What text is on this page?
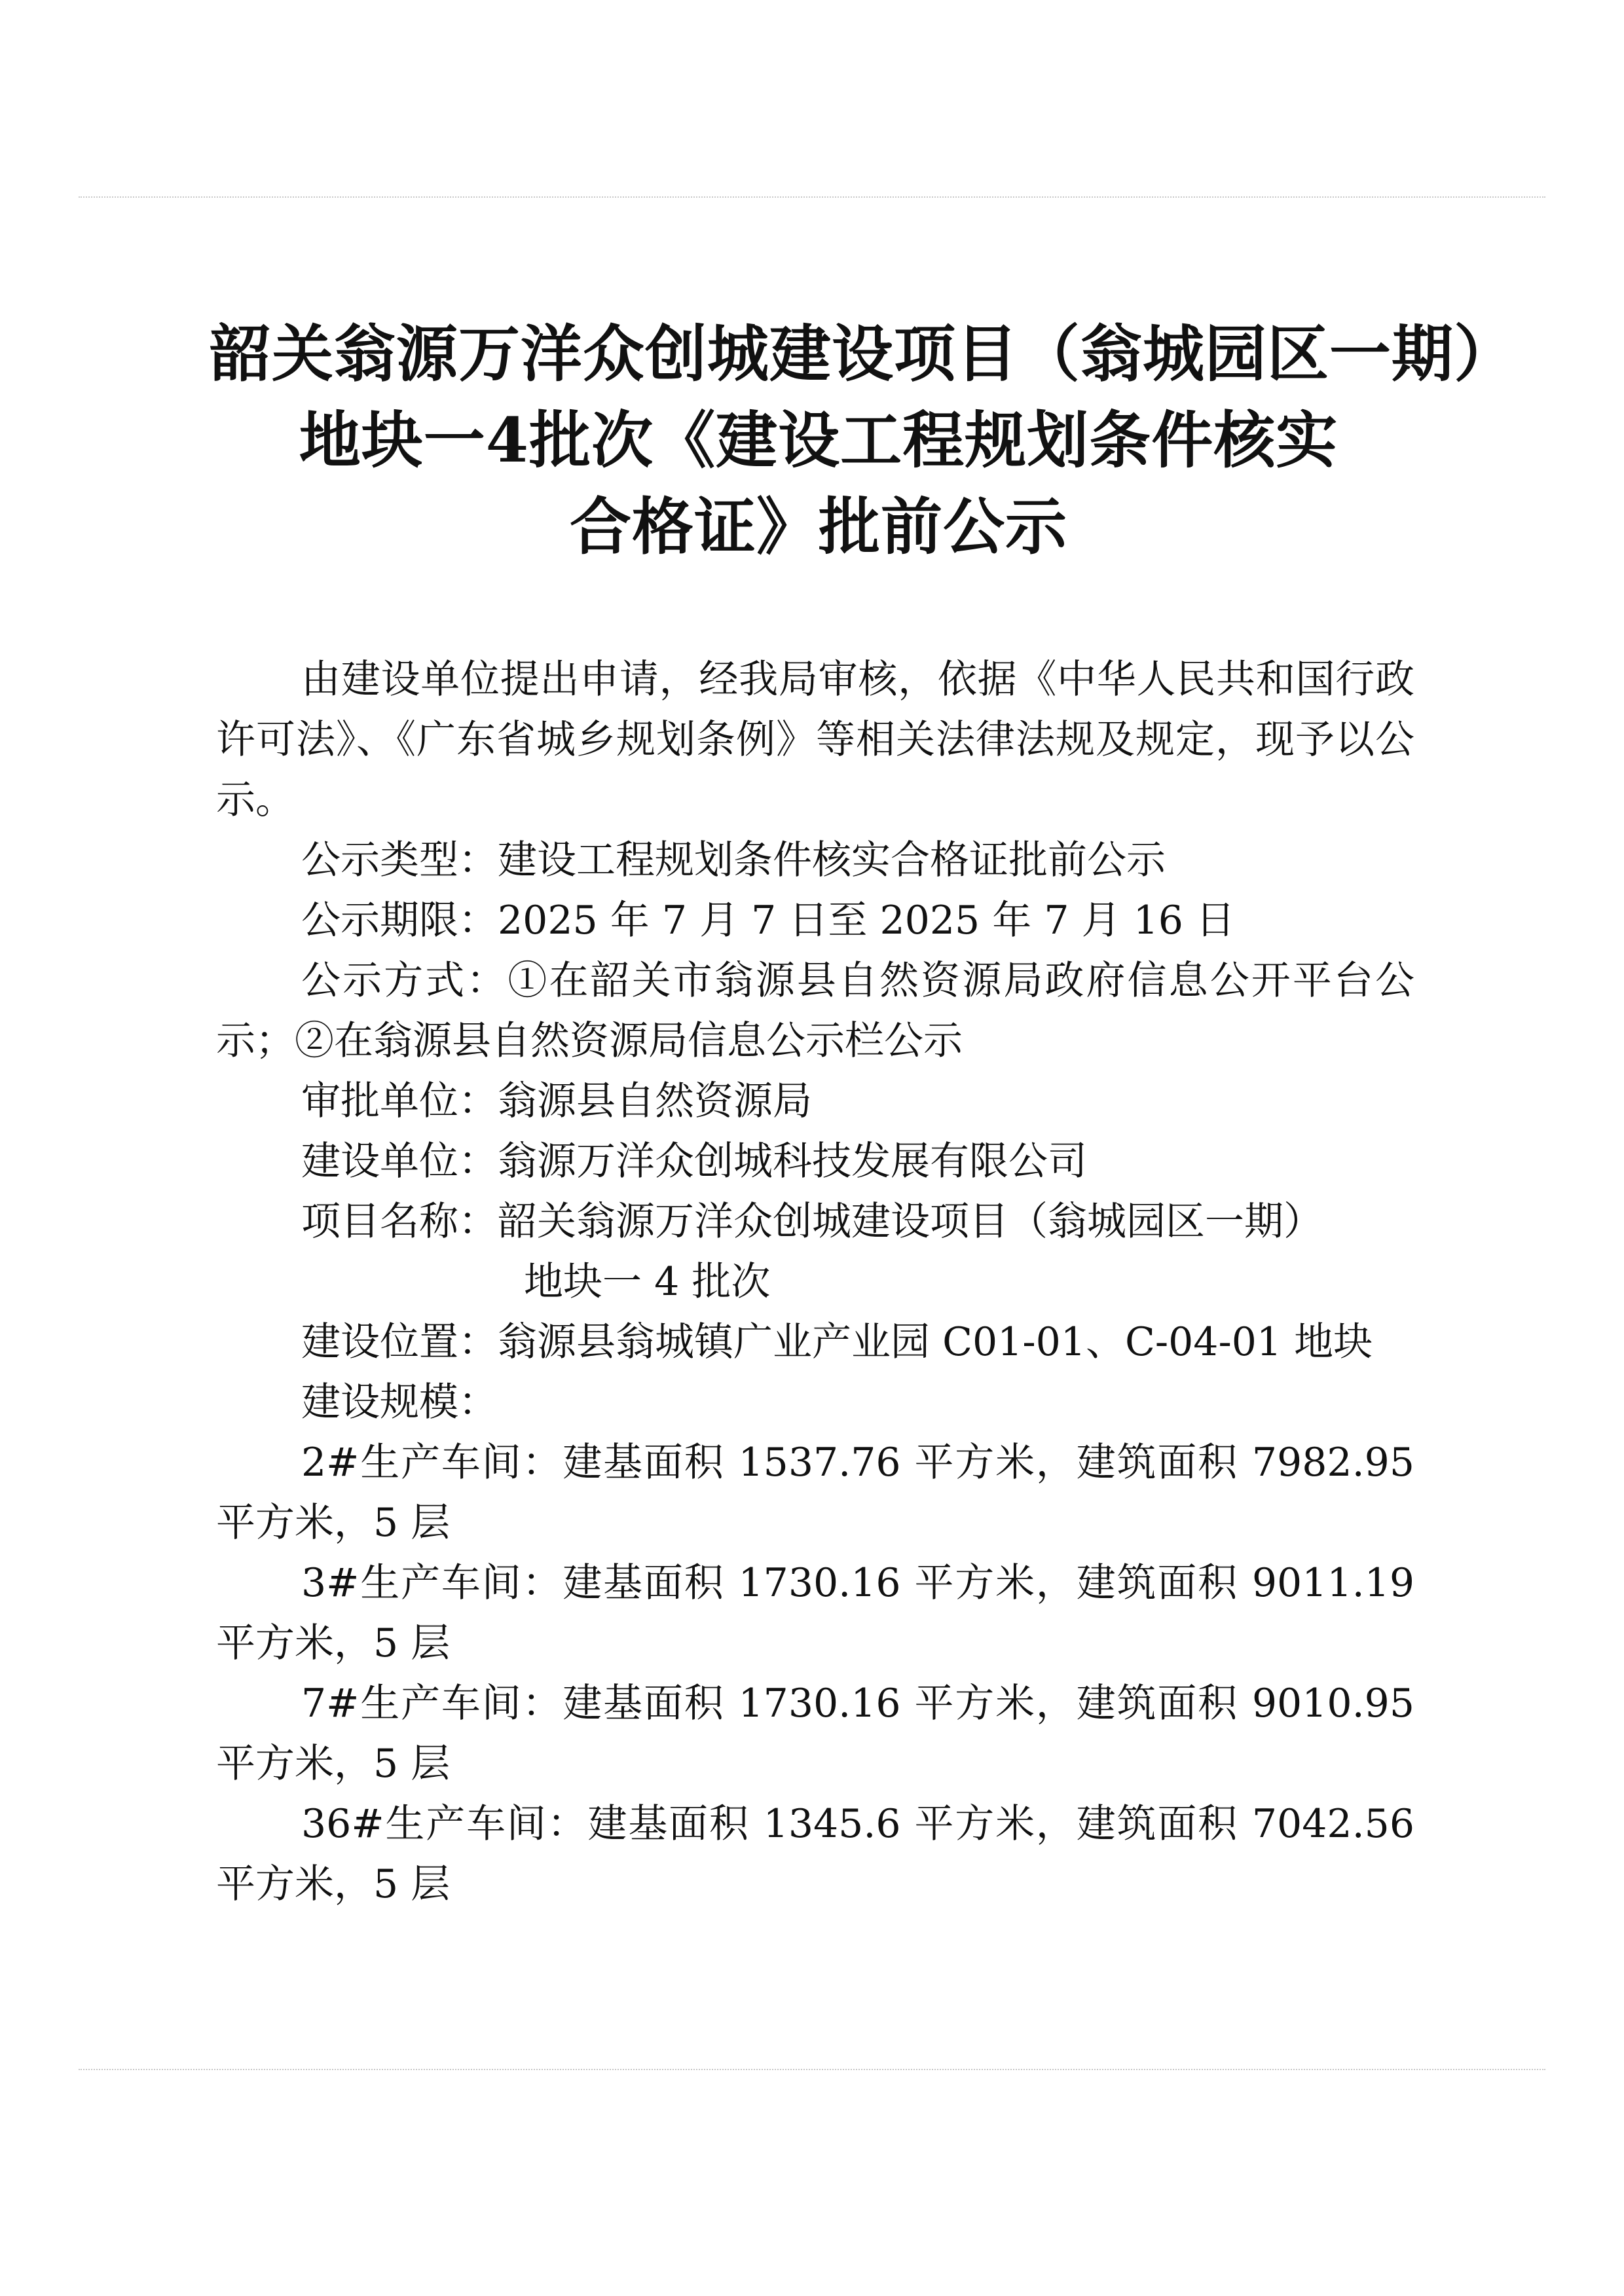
韶关翁源万洋众创城建设项目（翁城园区一期）
地块一4批次《建设工程规划条件核实
合格证》批前公示

由建设单位提出申请，经我局审核，依据《中华人民共和国行政许可法》、《广东省城乡规划条例》等相关法律法规及规定，现予以公示。

公示类型：建设工程规划条件核实合格证批前公示

公示期限：2025 年 7 月 7 日至 2025 年 7 月 16 日

公示方式：①在韶关市翁源县自然资源局政府信息公开平台公示；②在翁源县自然资源局信息公示栏公示

审批单位：翁源县自然资源局

建设单位：翁源万洋众创城科技发展有限公司

项目名称：韶关翁源万洋众创城建设项目（翁城园区一期）

地块一 4 批次

建设位置：翁源县翁城镇广业产业园 C01-01、C-04-01 地块

建设规模：

2#生产车间：建基面积 1537.76 平方米，建筑面积 7982.95 平方米，5 层

3#生产车间：建基面积 1730.16 平方米，建筑面积 9011.19 平方米，5 层

7#生产车间：建基面积 1730.16 平方米，建筑面积 9010.95 平方米，5 层

36#生产车间：建基面积 1345.6 平方米，建筑面积 7042.56 平方米，5 层
